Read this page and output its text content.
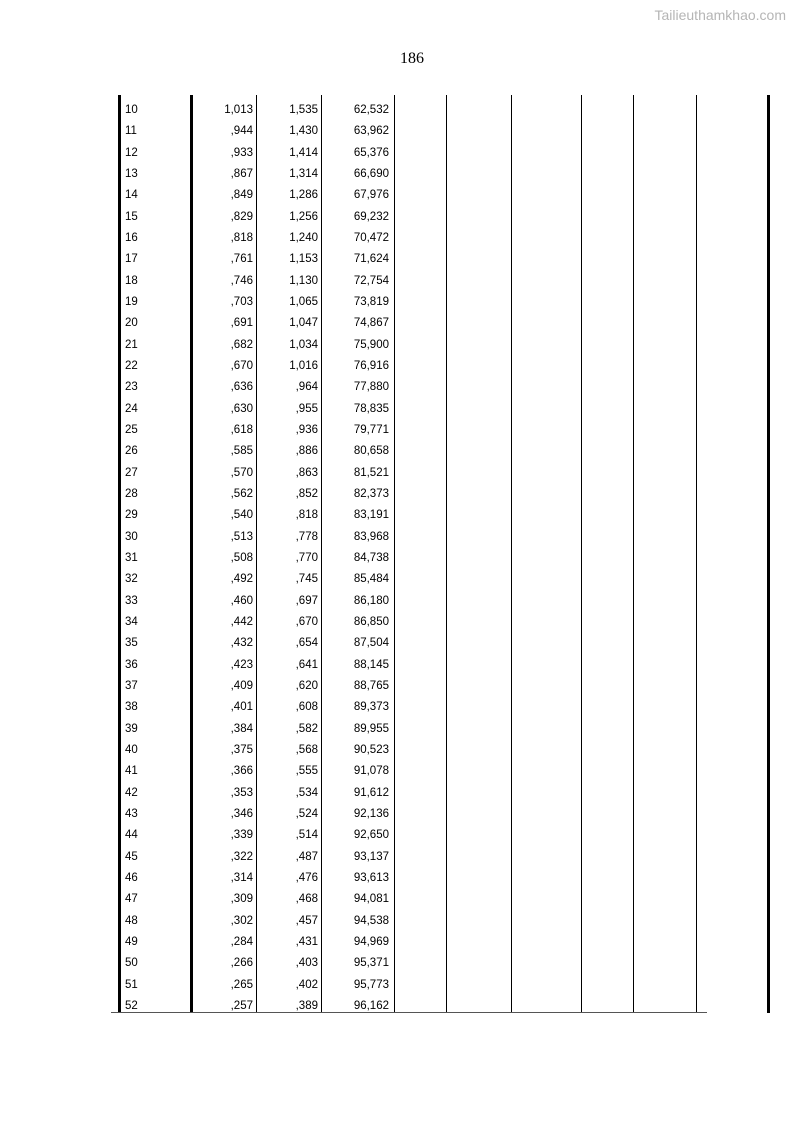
Tailieuthamkhao.com
186
10	1,013	1,535	62,532
11	,944	1,430	63,962
12	,933	1,414	65,376
13	,867	1,314	66,690
14	,849	1,286	67,976
15	,829	1,256	69,232
16	,818	1,240	70,472
17	,761	1,153	71,624
18	,746	1,130	72,754
19	,703	1,065	73,819
20	,691	1,047	74,867
21	,682	1,034	75,900
22	,670	1,016	76,916
23	,636	,964	77,880
24	,630	,955	78,835
25	,618	,936	79,771
26	,585	,886	80,658
27	,570	,863	81,521
28	,562	,852	82,373
29	,540	,818	83,191
30	,513	,778	83,968
31	,508	,770	84,738
32	,492	,745	85,484
33	,460	,697	86,180
34	,442	,670	86,850
35	,432	,654	87,504
36	,423	,641	88,145
37	,409	,620	88,765
38	,401	,608	89,373
39	,384	,582	89,955
40	,375	,568	90,523
41	,366	,555	91,078
42	,353	,534	91,612
43	,346	,524	92,136
44	,339	,514	92,650
45	,322	,487	93,137
46	,314	,476	93,613
47	,309	,468	94,081
48	,302	,457	94,538
49	,284	,431	94,969
50	,266	,403	95,371
51	,265	,402	95,773
52	,257	,389	96,162
